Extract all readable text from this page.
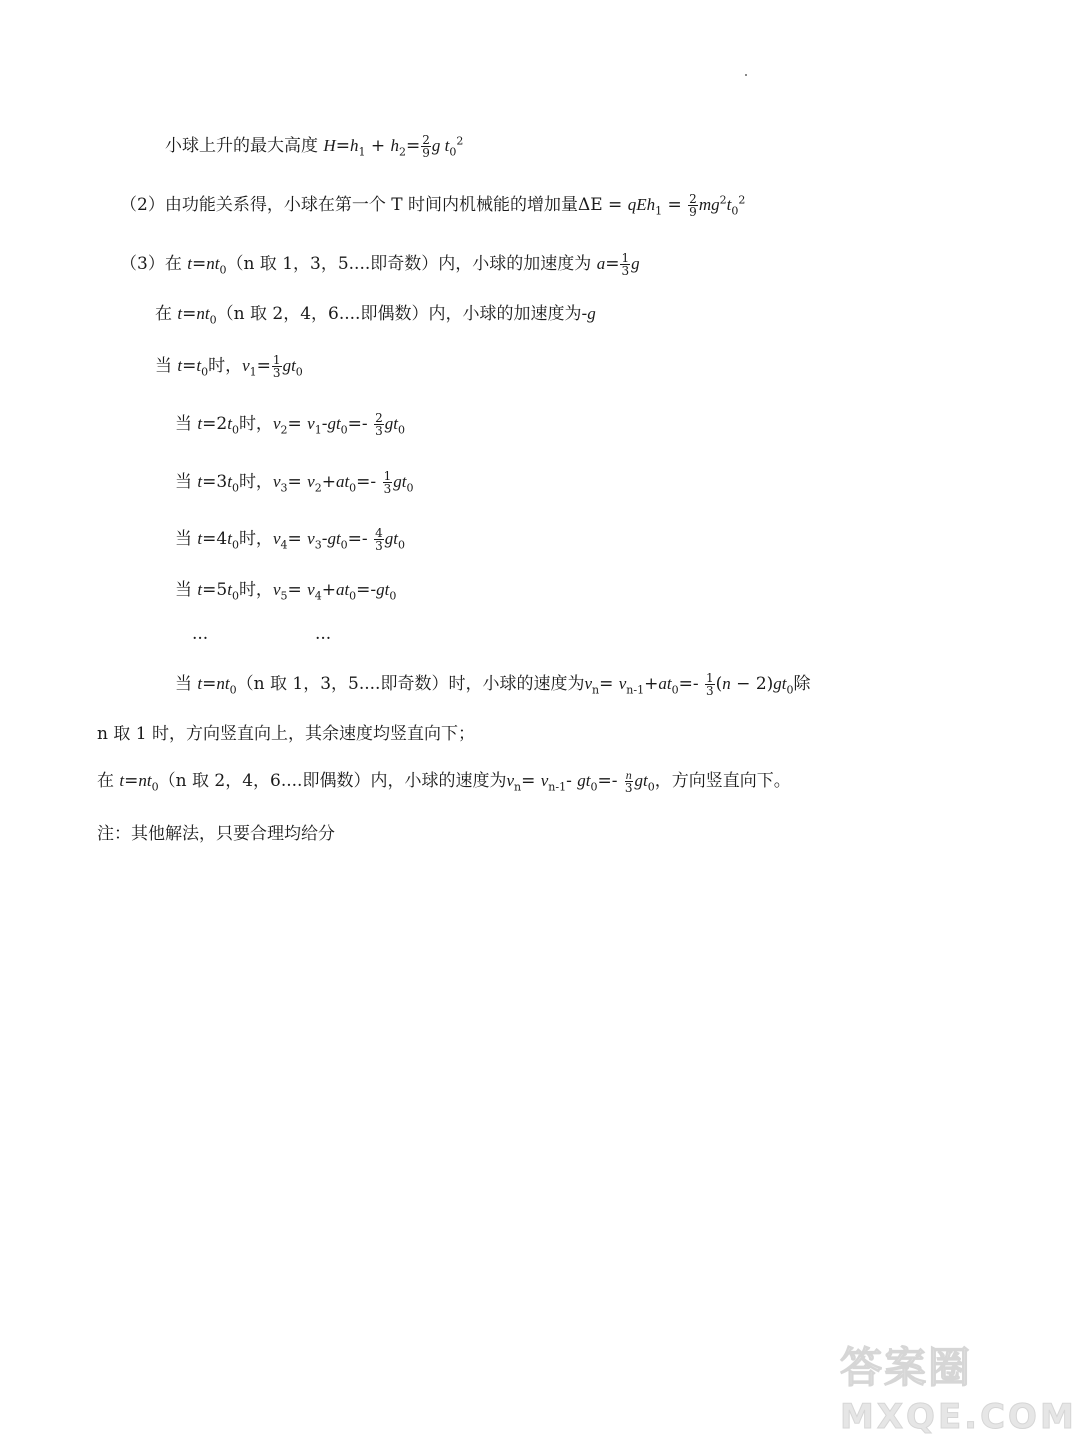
小球上升的最大高度 $H=h_1 + h_2= \frac{2}{9}$ g $t_0^2$
（2）由功能关系得，小球在第一个 T 时间内机械能的增加量$\Delta E = qEh_1 = \frac{2}{9} mg^2t_0^2$
（3）在 $t=nt_0(n$ 取 1，3，5....即奇数）内，小球的加速度为 $a= \frac{1}{3}$ g
在 $t=nt_0(n$ 取 2，4，6....即偶数）内，小球的加速度为-g
当 $t=t_0$时，$v_1= \frac{1}{3} gt_0$
当 $t=2t_0$时，$v_2= v_1-gt_0=- \frac{2}{3} gt_0$
当 $t=3t_0$时，$v_3= v_2+at_0=- \frac{1}{3} gt_0$
当 $t=4t_0$时，$v_4= v_3-gt_0=- \frac{4}{3} gt_0$
当 $t=5t_0$时，$v_5= v_4+at_0=-gt_0$
...	...
当 $t=nt_0(n$ 取 1，3，5....即奇数）时，小球的速度为$v_n= v_{n-1}+at_0=- \frac{1}{3} (n - 2)gt_0$除
n 取 1 时，方向竖直向上，其余速度均竖直向下；
在 $t=nt_0(n$ 取 2，4，6....即偶数）内，小球的速度为$v_n= v_{n-1}-$ $gt_0=- \frac{n}{3} gt_0$，方向竖直向下。
注：其他解法，只要合理均给分
答案圈
MXQE.COM
